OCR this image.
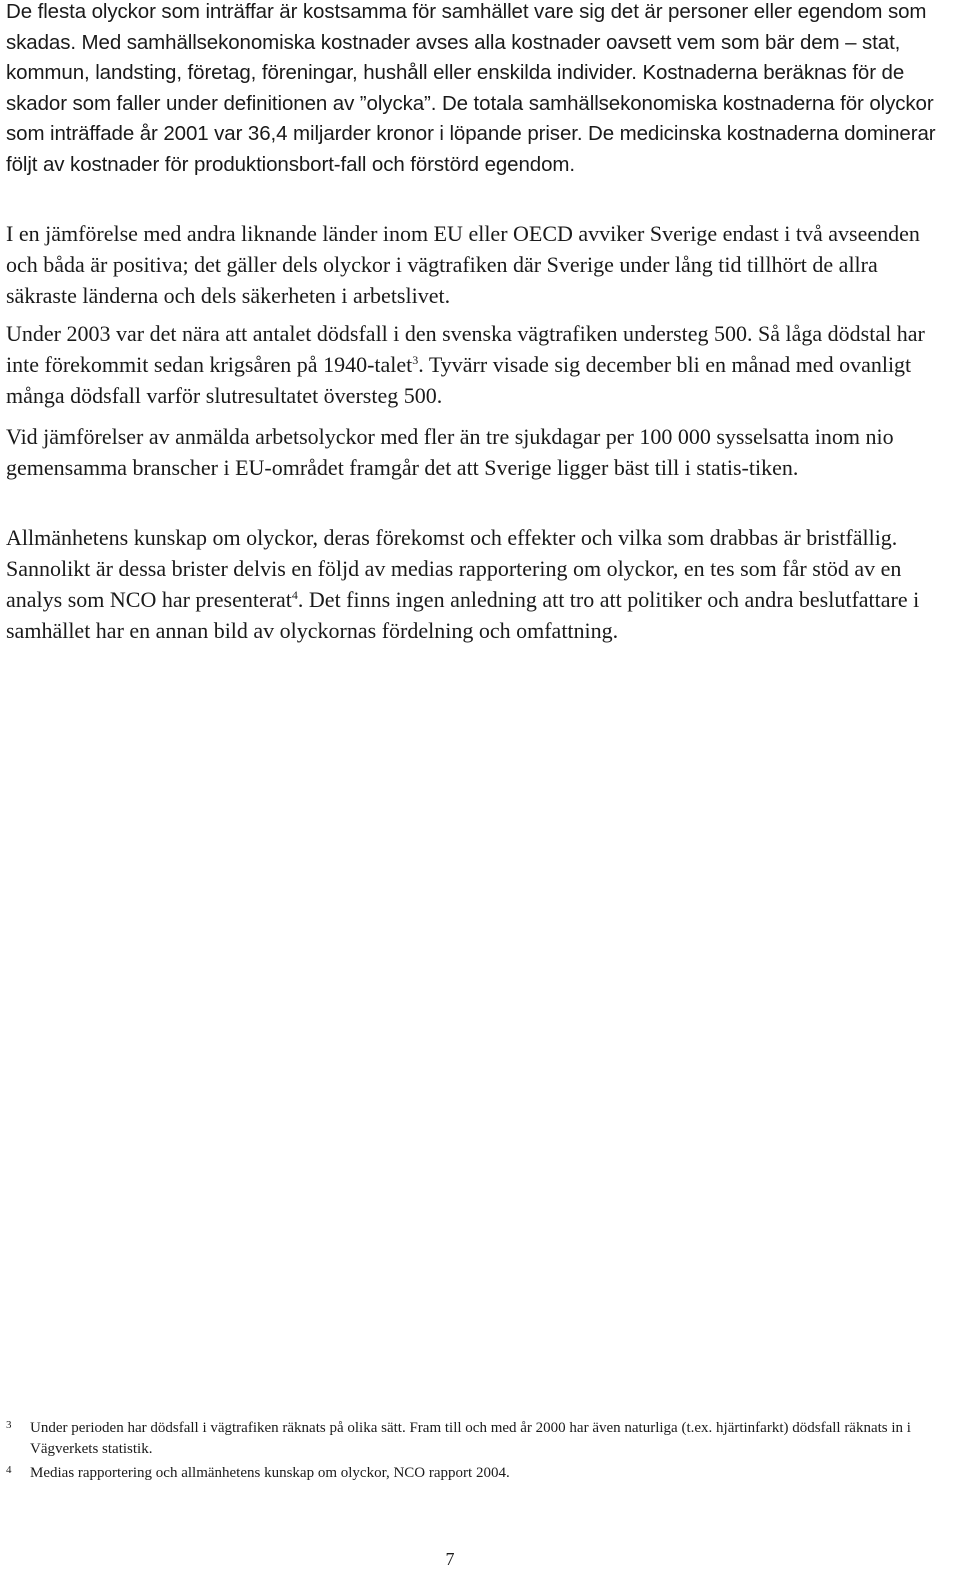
De flesta olyckor som inträffar är kostsamma för samhället vare sig det är personer eller egendom som skadas. Med samhällsekonomiska kostnader avses alla kostnader oavsett vem som bär dem – stat, kommun, landsting, företag, föreningar, hushåll eller enskilda individer. Kostnaderna beräknas för de skador som faller under definitionen av ”olycka”. De totala samhällsekonomiska kostnaderna för olyckor som inträffade år 2001 var 36,4 miljarder kronor i löpande priser. De medicinska kostnaderna dominerar följt av kostnader för produktionsbort-fall och förstörd egendom.

I en jämförelse med andra liknande länder inom EU eller OECD avviker Sverige endast i två avseenden och båda är positiva; det gäller dels olyckor i vägtrafiken där Sverige under lång tid tillhört de allra säkraste länderna och dels säkerheten i arbetslivet.

Under 2003 var det nära att antalet dödsfall i den svenska vägtrafiken understeg 500. Så låga dödstal har inte förekommit sedan krigsåren på 1940-talet$^3$. Tyvärr visade sig december bli en månad med ovanligt många dödsfall varför slutresultatet översteg 500.

Vid jämförelser av anmälda arbetsolyckor med fler än tre sjukdagar per 100 000 sysselsatta inom nio gemensamma branscher i EU-området framgår det att Sverige ligger bäst till i statis-tiken.

Allmänhetens kunskap om olyckor, deras förekomst och effekter och vilka som drabbas är bristfällig. Sannolikt är dessa brister delvis en följd av medias rapportering om olyckor, en tes som får stöd av en analys som NCO har presenterat$^4$. Det finns ingen anledning att tro att politiker och andra beslutfattare i samhället har en annan bild av olyckornas fördelning och omfattning.

3 Under perioden har dödsfall i vägtrafiken räknats på olika sätt. Fram till och med år 2000 har även naturliga (t.ex. hjärtinfarkt) dödsfall räknats in i Vägverkets statistik.
4 Medias rapportering och allmänhetens kunskap om olyckor, NCO rapport 2004.
7
